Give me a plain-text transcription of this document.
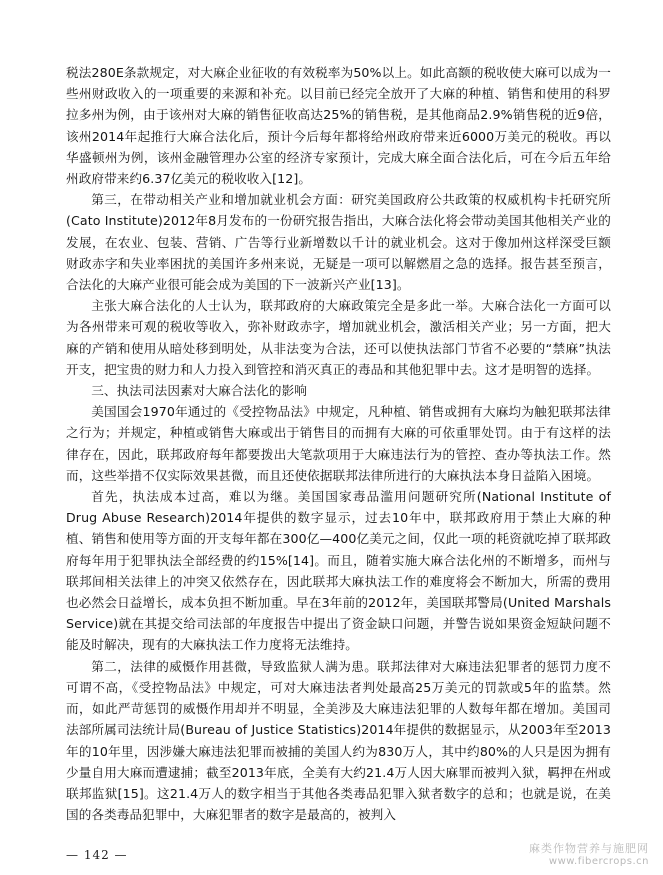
税法280E条款规定，对大麻企业征收的有效税率为50%以上。如此高额的税收使大麻可以成为一些州财政收入的一项重要的来源和补充。以目前已经完全放开了大麻的种植、销售和使用的科罗拉多州为例，由于该州对大麻的销售征收高达25%的销售税，是其他商品2.9%销售税的近9倍，该州2014年起推行大麻合法化后，预计今后每年都将给州政府带来近6000万美元的税收。再以华盛顿州为例，该州金融管理办公室的经济专家预计，完成大麻全面合法化后，可在今后五年给州政府带来约6.37亿美元的税收收入[12]。

第三，在带动相关产业和增加就业机会方面：研究美国政府公共政策的权威机构卡托研究所(Cato Institute)2012年8月发布的一份研究报告指出，大麻合法化将会带动美国其他相关产业的发展，在农业、包装、营销、广告等行业新增数以千计的就业机会。这对于像加州这样深受巨额财政赤字和失业率困扰的美国许多州来说，无疑是一项可以解燃眉之急的选择。报告甚至预言，合法化的大麻产业很可能会成为美国的下一波新兴产业[13]。

主张大麻合法化的人士认为，联邦政府的大麻政策完全是多此一举。大麻合法化一方面可以为各州带来可观的税收等收入，弥补财政赤字，增加就业机会，激活相关产业；另一方面，把大麻的产销和使用从暗处移到明处，从非法变为合法，还可以使执法部门节省不必要的“禁麻”执法开支，把宝贵的财力和人力投入到管控和消灭真正的毒品和其他犯罪中去。这才是明智的选择。

三、执法司法因素对大麻合法化的影响

美国国会1970年通过的《受控物品法》中规定，凡种植、销售或拥有大麻均为触犯联邦法律之行为；并规定，种植或销售大麻或出于销售目的而拥有大麻的可依重罪处罚。由于有这样的法律存在，因此，联邦政府每年都要拨出大笔款项用于大麻违法行为的管控、查办等执法工作。然而，这些举措不仅实际效果甚微，而且还使依据联邦法律所进行的大麻执法本身日益陷入困境。

首先，执法成本过高，难以为继。美国国家毒品滥用问题研究所(National Institute of Drug Abuse Research)2014年提供的数字显示，过去10年中，联邦政府用于禁止大麻的种植、销售和使用等方面的开支每年都在300亿—400亿美元之间，仅此一项的耗资就吃掉了联邦政府每年用于犯罪执法全部经费的约15%[14]。而且，随着实施大麻合法化州的不断增多，而州与联邦间相关法律上的冲突又依然存在，因此联邦大麻执法工作的难度将会不断加大，所需的费用也必然会日益增长，成本负担不断加重。早在3年前的2012年，美国联邦警局(United Marshals Service)就在其提交给司法部的年度报告中提出了资金缺口问题，并警告说如果资金短缺问题不能及时解决，现有的大麻执法工作力度将无法维持。

第二，法律的威慑作用甚微，导致监狱人满为患。联邦法律对大麻违法犯罪者的惩罚力度不可谓不高，《受控物品法》中规定，可对大麻违法者判处最高25万美元的罚款或5年的监禁。然而，如此严苛惩罚的威慑作用却并不明显，全美涉及大麻违法犯罪的人数每年都在增加。美国司法部所属司法统计局(Bureau of Justice Statistics)2014年提供的数据显示，从2003年至2013年的10年里，因涉嫌大麻违法犯罪而被捕的美国人约为830万人，其中约80%的人只是因为拥有少量自用大麻而遭逮捕；截至2013年底，全美有大约21.4万人因大麻罪而被判入狱，羁押在州或联邦监狱[15]。这21.4万人的数字相当于其他各类毒品犯罪入狱者数字的总和；也就是说，在美国的各类毒品犯罪中，大麻犯罪者的数字是最高的，被判入

— 142 —	麻类作物营养与施肥网
www.fibercrops.cn
